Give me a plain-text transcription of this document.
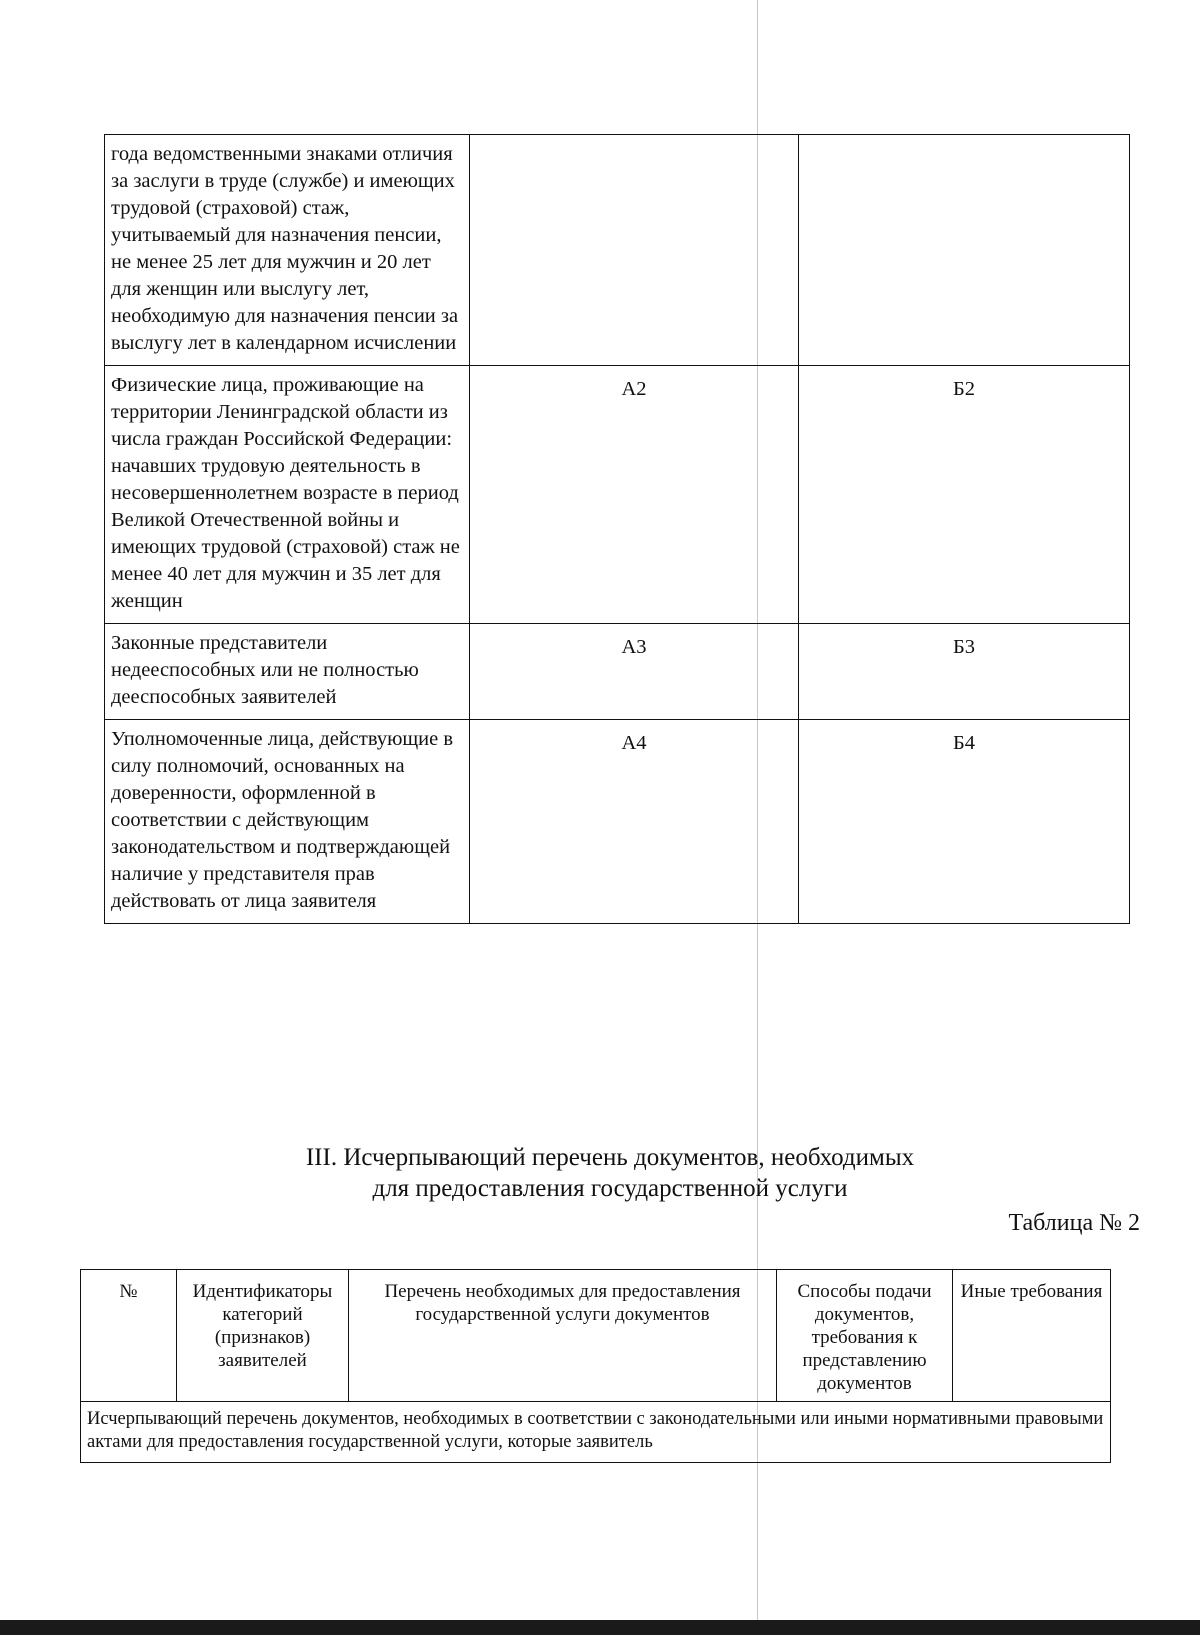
года ведомственными знаками отличия за заслуги в труде (службе) и имеющих трудовой (страховой) стаж, учитываемый для назначения пенсии, не менее 25 лет для мужчин и 20 лет для женщин или выслугу лет, необходимую для назначения пенсии за выслугу лет в календарном исчислении		
Физические лица, проживающие на территории Ленинградской области из числа граждан Российской Федерации: начавших трудовую деятельность в несовершеннолетнем возрасте в период Великой Отечественной войны и имеющих трудовой (страховой) стаж не менее 40 лет для мужчин и 35 лет для женщин	А2	Б2
Законные представители недееспособных или не полностью дееспособных заявителей	А3	Б3
Уполномоченные лица, действующие в силу полномочий, основанных на доверенности, оформленной в соответствии с действующим законодательством и подтверждающей наличие у представителя прав действовать от лица заявителя	А4	Б4
III. Исчерпывающий перечень документов, необходимых
для предоставления государственной услуги
Таблица № 2
№	Идентификаторы категорий (признаков) заявителей	Перечень необходимых для предоставления государственной услуги документов	Способы подачи документов, требования к представлению документов	Иные требования
Исчерпывающий перечень документов, необходимых в соответствии с законодательными или иными нормативными правовыми актами для предоставления государственной услуги, которые заявитель
